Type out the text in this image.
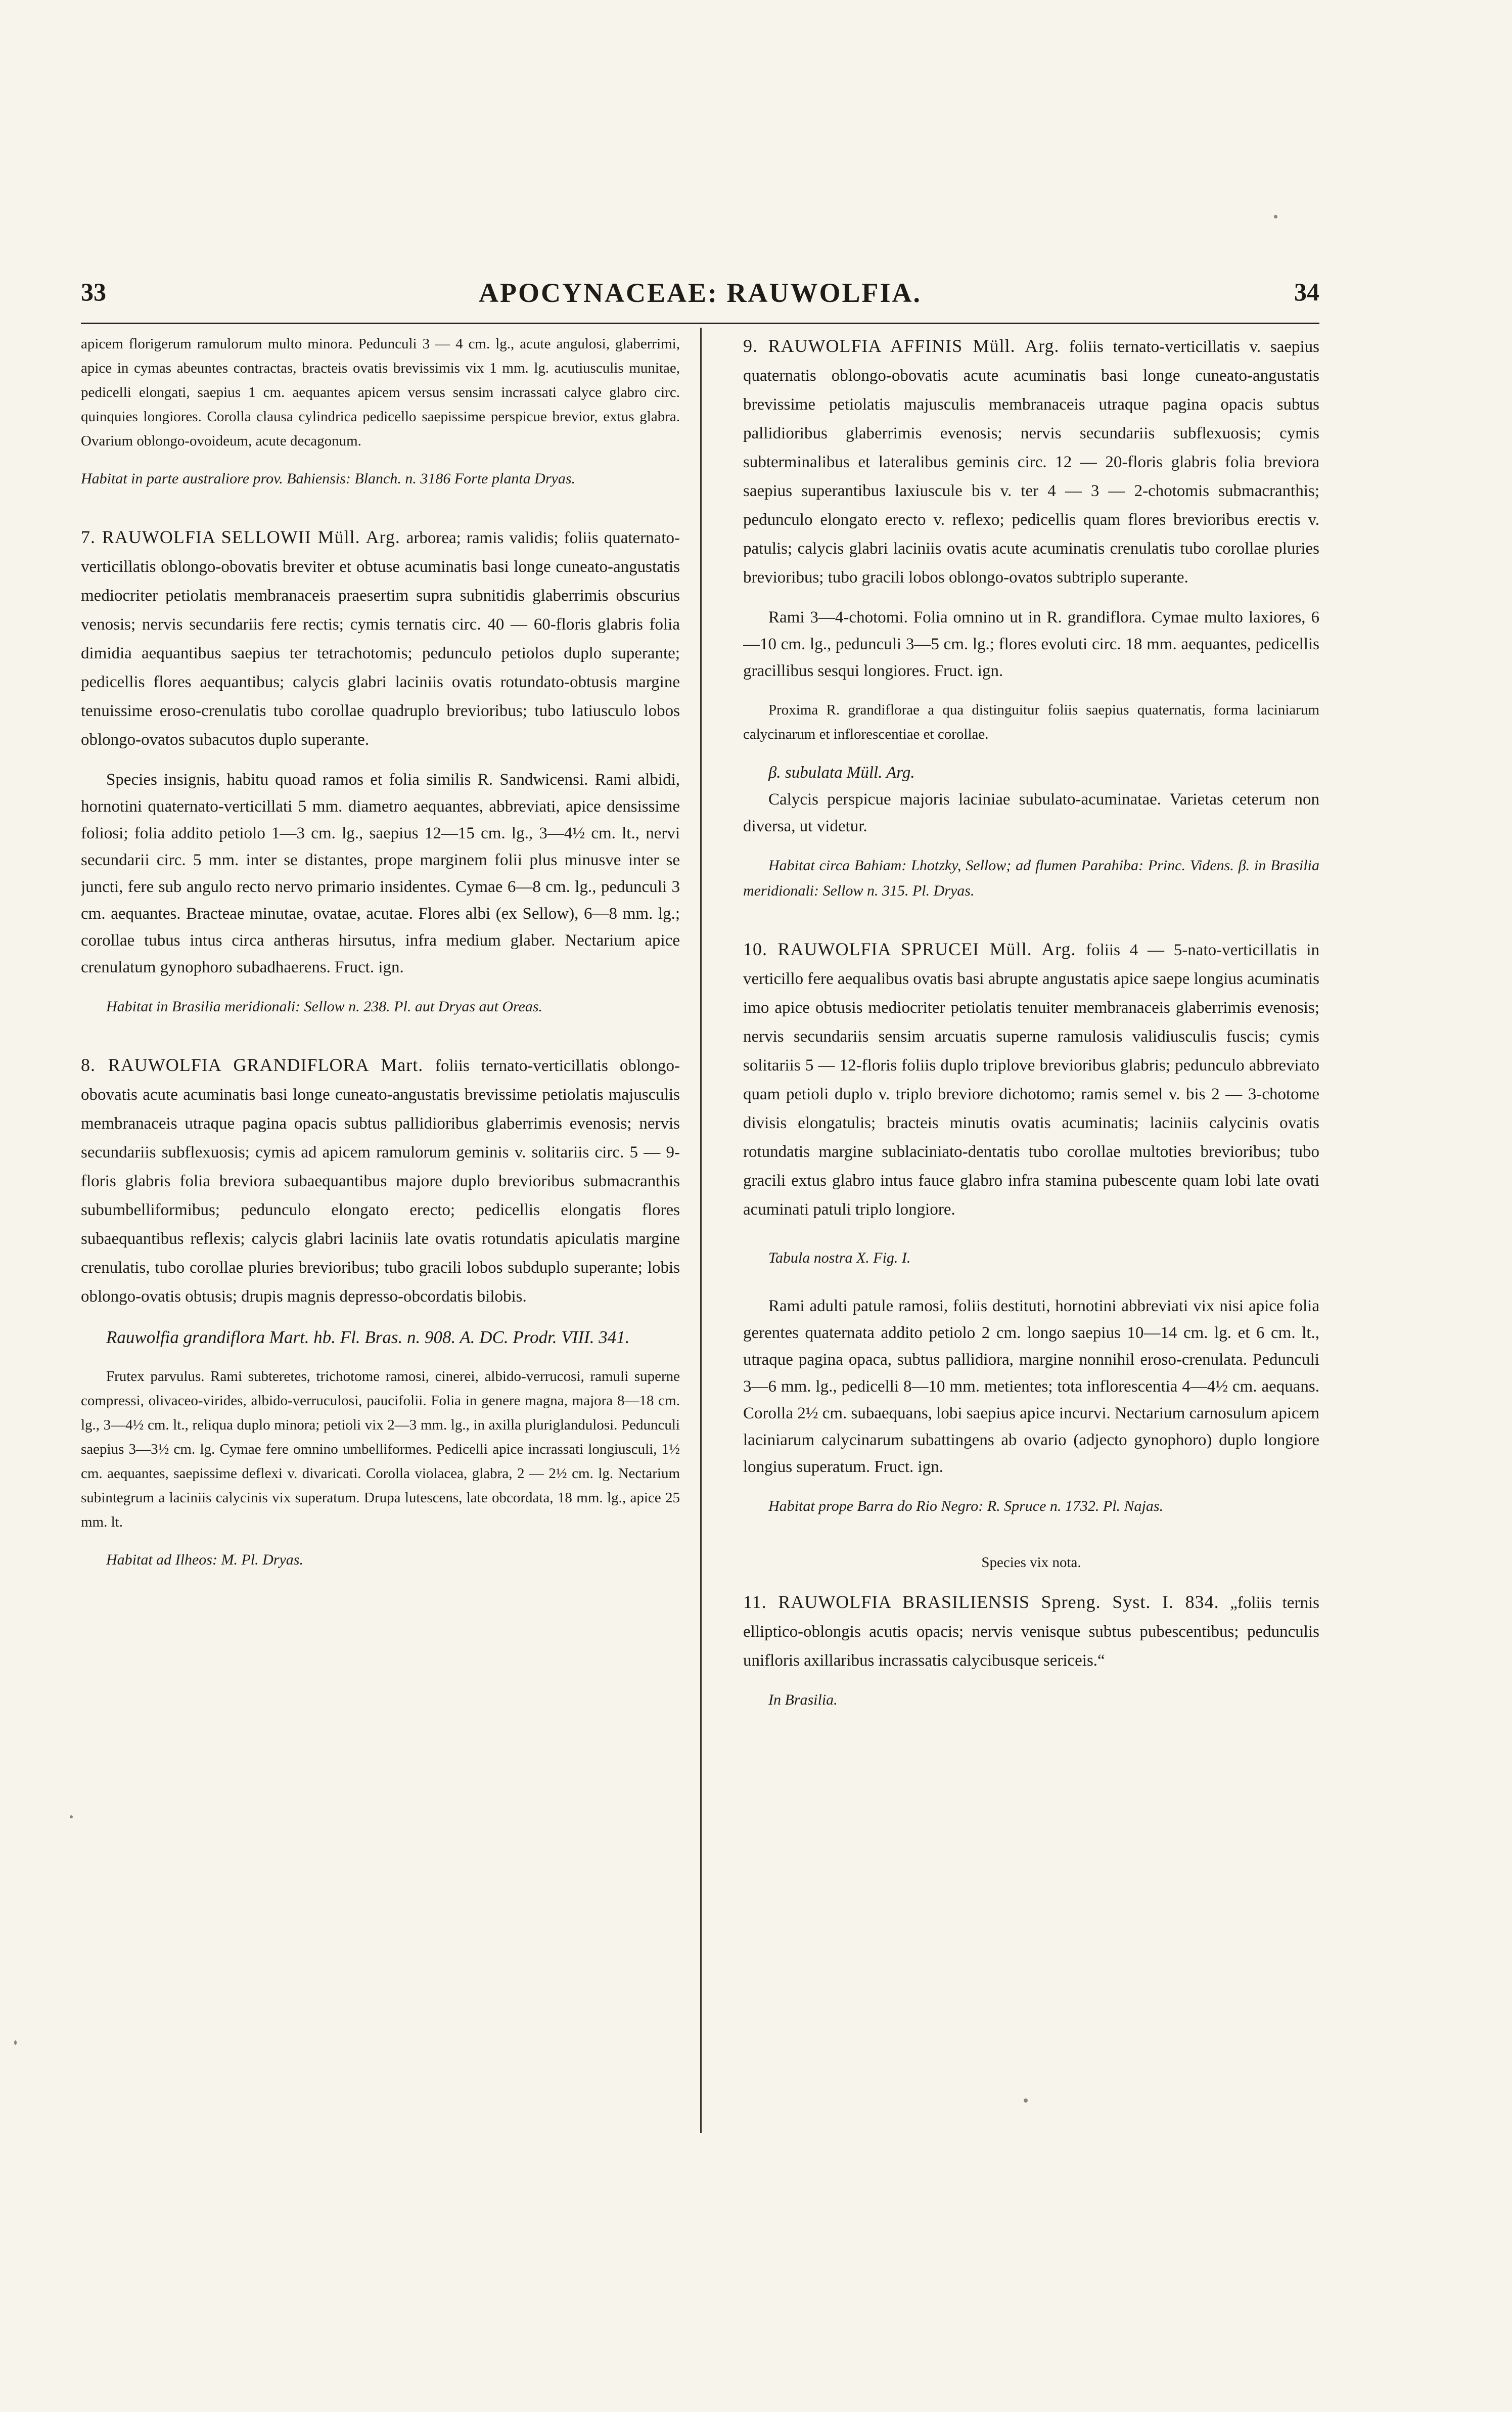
33	APOCYNACEAE: RAUWOLFIA.	34

apicem florigerum ramulorum multo minora. Pedunculi 3 — 4 cm. lg., acute angulosi, glaberrimi, apice in cymas abeuntes contractas, bracteis ovatis brevissimis vix 1 mm. lg. acutiusculis munitae, pedicelli elongati, saepius 1 cm. aequantes apicem versus sensim incrassati calyce glabro circ. quinquies longiores. Corolla clausa cylindrica pedicello saepissime perspicue brevior, extus glabra. Ovarium oblongo-ovoideum, acute decagonum.

Habitat in parte australiore prov. Bahiensis: Blanch. n. 3186 Forte planta Dryas.

7. RAUWOLFIA SELLOWII Müll. Arg. arborea; ramis validis; foliis quaternato-verticillatis oblongo-obovatis breviter et obtuse acuminatis basi longe cuneato-angustatis mediocriter petiolatis membranaceis praesertim supra subnitidis glaberrimis obscurius venosis; nervis secundariis fere rectis; cymis ternatis circ. 40 — 60-floris glabris folia dimidia aequantibus saepius ter tetrachotomis; pedunculo petiolos duplo superante; pedicellis flores aequantibus; calycis glabri laciniis ovatis rotundato-obtusis margine tenuissime eroso-crenulatis tubo corollae quadruplo brevioribus; tubo latiusculo lobos oblongo-ovatos subacutos duplo superante.

Species insignis, habitu quoad ramos et folia similis R. Sandwicensi. Rami albidi, hornotini quaternato-verticillati 5 mm. diametro aequantes, abbreviati, apice densissime foliosi; folia addito petiolo 1—3 cm. lg., saepius 12—15 cm. lg., 3—4½ cm. lt., nervi secundarii circ. 5 mm. inter se distantes, prope marginem folii plus minusve inter se juncti, fere sub angulo recto nervo primario insidentes. Cymae 6—8 cm. lg., pedunculi 3 cm. aequantes. Bracteae minutae, ovatae, acutae. Flores albi (ex Sellow), 6—8 mm. lg.; corollae tubus intus circa antheras hirsutus, infra medium glaber. Nectarium apice crenulatum gynophoro subadhaerens. Fruct. ign.

Habitat in Brasilia meridionali: Sellow n. 238. Pl. aut Dryas aut Oreas.

8. RAUWOLFIA GRANDIFLORA Mart. foliis ternato-verticillatis oblongo-obovatis acute acuminatis basi longe cuneato-angustatis brevissime petiolatis majusculis membranaceis utraque pagina opacis subtus pallidioribus glaberrimis evenosis; nervis secundariis subflexuosis; cymis ad apicem ramulorum geminis v. solitariis circ. 5 — 9-floris glabris folia breviora subaequantibus majore duplo brevioribus submacranthis subumbelliformibus; pedunculo elongato erecto; pedicellis elongatis flores subaequantibus reflexis; calycis glabri laciniis late ovatis rotundatis apiculatis margine crenulatis, tubo corollae pluries brevioribus; tubo gracili lobos subduplo superante; lobis oblongo-ovatis obtusis; drupis magnis depresso-obcordatis bilobis.

Rauwolfia grandiflora Mart. hb. Fl. Bras. n. 908. A. DC. Prodr. VIII. 341.

Frutex parvulus. Rami subteretes, trichotome ramosi, cinerei, albido-verrucosi, ramuli superne compressi, olivaceo-virides, albido-verruculosi, paucifolii. Folia in genere magna, majora 8—18 cm. lg., 3—4½ cm. lt., reliqua duplo minora; petioli vix 2—3 mm. lg., in axilla pluriglandulosi. Pedunculi saepius 3—3½ cm. lg. Cymae fere omnino umbelliformes. Pedicelli apice incrassati longiusculi, 1½ cm. aequantes, saepissime deflexi v. divaricati. Corolla violacea, glabra, 2 — 2½ cm. lg. Nectarium subintegrum a laciniis calycinis vix superatum. Drupa lutescens, late obcordata, 18 mm. lg., apice 25 mm. lt.

Habitat ad Ilheos: M. Pl. Dryas.

9. RAUWOLFIA AFFINIS Müll. Arg. foliis ternato-verticillatis v. saepius quaternatis oblongo-obovatis acute acuminatis basi longe cuneato-angustatis brevissime petiolatis majusculis membranaceis utraque pagina opacis subtus pallidioribus glaberrimis evenosis; nervis secundariis subflexuosis; cymis subterminalibus et lateralibus geminis circ. 12 — 20-floris glabris folia breviora saepius superantibus laxiuscule bis v. ter 4 — 3 — 2-chotomis submacranthis; pedunculo elongato erecto v. reflexo; pedicellis quam flores brevioribus erectis v. patulis; calycis glabri laciniis ovatis acute acuminatis crenulatis tubo corollae pluries brevioribus; tubo gracili lobos oblongo-ovatos subtriplo superante.

Rami 3—4-chotomi. Folia omnino ut in R. grandiflora. Cymae multo laxiores, 6—10 cm. lg., pedunculi 3—5 cm. lg.; flores evoluti circ. 18 mm. aequantes, pedicellis gracillibus sesqui longiores. Fruct. ign.

Proxima R. grandiflorae a qua distinguitur foliis saepius quaternatis, forma laciniarum calycinarum et inflorescentiae et corollae.

β. subulata Müll. Arg.

Calycis perspicue majoris laciniae subulato-acuminatae. Varietas ceterum non diversa, ut videtur.

Habitat circa Bahiam: Lhotzky, Sellow; ad flumen Parahiba: Princ. Videns. β. in Brasilia meridionali: Sellow n. 315. Pl. Dryas.

10. RAUWOLFIA SPRUCEI Müll. Arg. foliis 4 — 5-nato-verticillatis in verticillo fere aequalibus ovatis basi abrupte angustatis apice saepe longius acuminatis imo apice obtusis mediocriter petiolatis tenuiter membranaceis glaberrimis evenosis; nervis secundariis sensim arcuatis superne ramulosis validiusculis fuscis; cymis solitariis 5 — 12-floris foliis duplo triplove brevioribus glabris; pedunculo abbreviato quam petioli duplo v. triplo breviore dichotomo; ramis semel v. bis 2 — 3-chotome divisis elongatulis; bracteis minutis ovatis acuminatis; laciniis calycinis ovatis rotundatis margine sublaciniato-dentatis tubo corollae multoties brevioribus; tubo gracili extus glabro intus fauce glabro infra stamina pubescente quam lobi late ovati acuminati patuli triplo longiore.

Tabula nostra X. Fig. I.

Rami adulti patule ramosi, foliis destituti, hornotini abbreviati vix nisi apice folia gerentes quaternata addito petiolo 2 cm. longo saepius 10—14 cm. lg. et 6 cm. lt., utraque pagina opaca, subtus pallidiora, margine nonnihil eroso-crenulata. Pedunculi 3—6 mm. lg., pedicelli 8—10 mm. metientes; tota inflorescentia 4—4½ cm. aequans. Corolla 2½ cm. subaequans, lobi saepius apice incurvi. Nectarium carnosulum apicem laciniarum calycinarum subattingens ab ovario (adjecto gynophoro) duplo longiore longius superatum. Fruct. ign.

Habitat prope Barra do Rio Negro: R. Spruce n. 1732. Pl. Najas.

Species vix nota.

11. RAUWOLFIA BRASILIENSIS Spreng. Syst. I. 834. „foliis ternis elliptico-oblongis acutis opacis; nervis venisque subtus pubescentibus; pedunculis unifloris axillaribus incrassatis calycibusque sericeis.“

In Brasilia.
